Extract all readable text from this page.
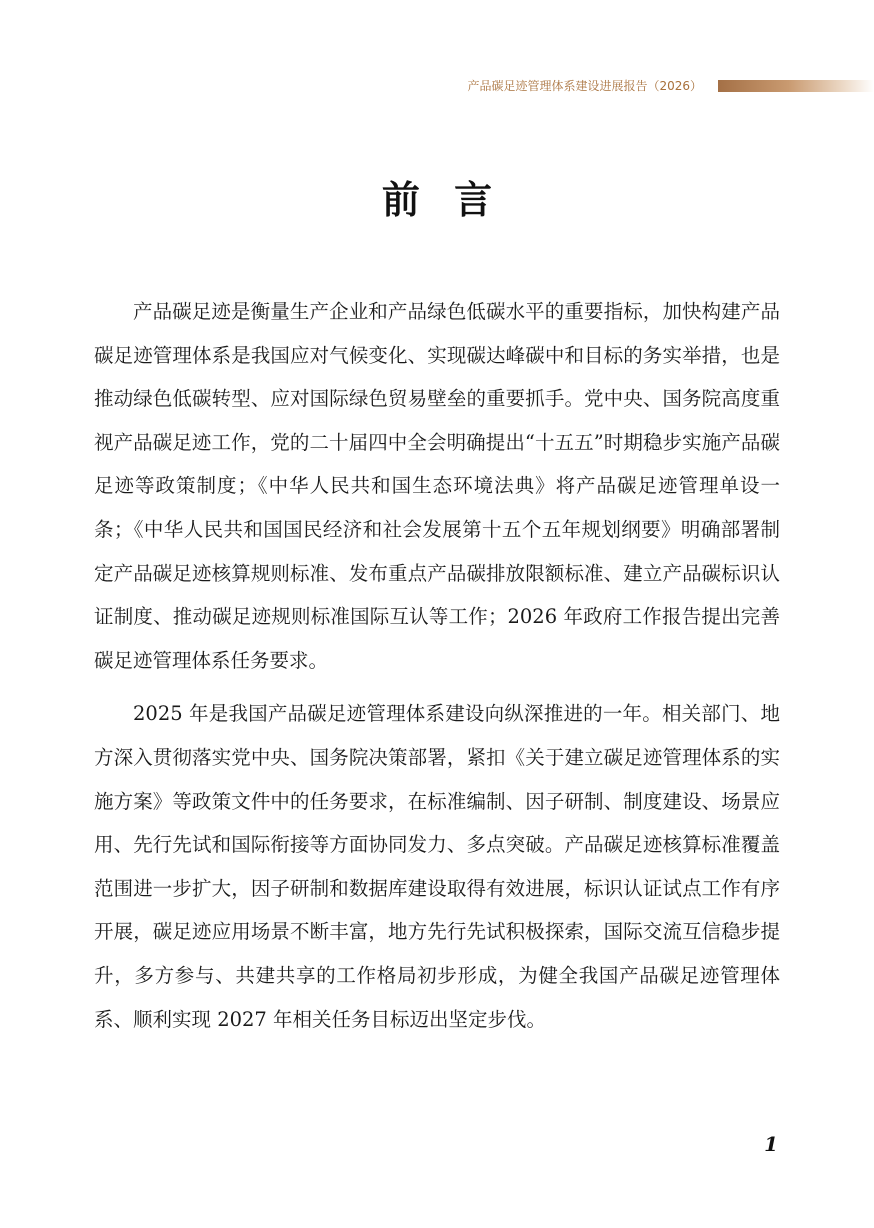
产品碳足迹管理体系建设进展报告（2026）
前言

产品碳足迹是衡量生产企业和产品绿色低碳水平的重要指标，加快构建产品碳足迹管理体系是我国应对气候变化、实现碳达峰碳中和目标的务实举措，也是推动绿色低碳转型、应对国际绿色贸易壁垒的重要抓手。党中央、国务院高度重视产品碳足迹工作，党的二十届四中全会明确提出“十五五”时期稳步实施产品碳足迹等政策制度；《中华人民共和国生态环境法典》将产品碳足迹管理单设一条；《中华人民共和国国民经济和社会发展第十五个五年规划纲要》明确部署制定产品碳足迹核算规则标准、发布重点产品碳排放限额标准、建立产品碳标识认证制度、推动碳足迹规则标准国际互认等工作；2026 年政府工作报告提出完善碳足迹管理体系任务要求。

2025 年是我国产品碳足迹管理体系建设向纵深推进的一年。相关部门、地方深入贯彻落实党中央、国务院决策部署，紧扣《关于建立碳足迹管理体系的实施方案》等政策文件中的任务要求，在标准编制、因子研制、制度建设、场景应用、先行先试和国际衔接等方面协同发力、多点突破。产品碳足迹核算标准覆盖范围进一步扩大，因子研制和数据库建设取得有效进展，标识认证试点工作有序开展，碳足迹应用场景不断丰富，地方先行先试积极探索，国际交流互信稳步提升，多方参与、共建共享的工作格局初步形成，为健全我国产品碳足迹管理体系、顺利实现 2027 年相关任务目标迈出坚定步伐。

1
